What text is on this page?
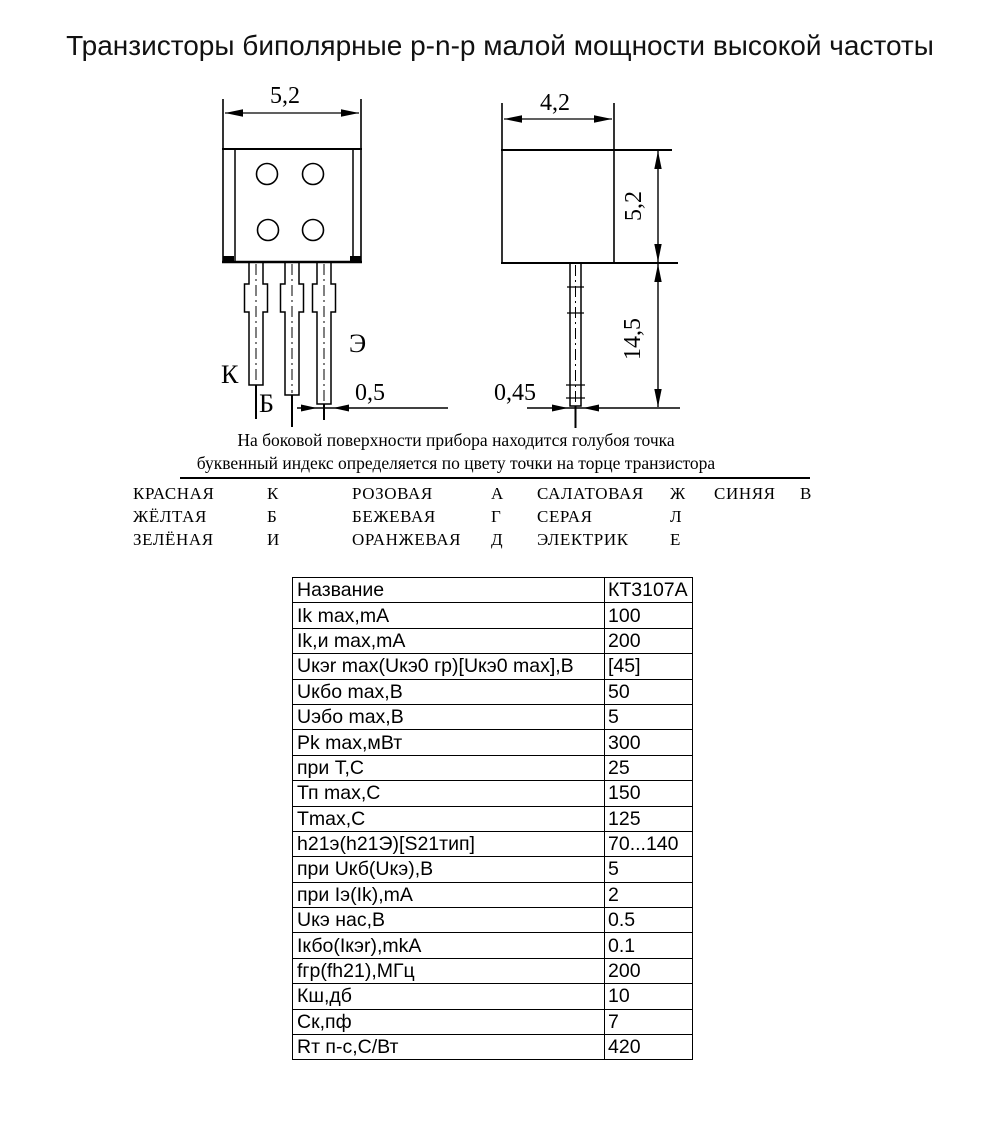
Транзисторы биполярные p-n-p малой мощности высокой частоты
5,2
К
Б
Э
0,5
4,2
5,2
14,5
0,45
На боковой поверхности прибора находится голубоя точка
буквенный индекс определяется по цвету точки на торце транзистора
КРАСНАЯ	К	РОЗОВАЯ	А	САЛАТОВАЯ	Ж	СИНЯЯ	В
ЖЁЛТАЯ	Б	БЕЖЕВАЯ	Г	СЕРАЯ	Л
ЗЕЛЁНАЯ	И	ОРАНЖЕВАЯ	Д	ЭЛЕКТРИК	Е
Название	КТ3107А
Ik max,mA	100
Ik,и max,mA	200
Uкэr max(Uкэ0 гр)[Uкэ0 max],В	[45]
Uкбо max,В	50
Uэбо max,В	5
Pk max,мВт	300
при Т,С	25
Тп max,С	150
Tmax,C	125
h21э(h21Э)[S21тип]	70...140
при Uкб(Uкэ),В	5
при Iэ(Ik),mA	2
Uкэ нас,В	0.5
Iкбо(Iкэr),mkA	0.1
fгр(fh21),МГц	200
Кш,дб	10
Ск,пф	7
Rт п-с,С/Вт	420
